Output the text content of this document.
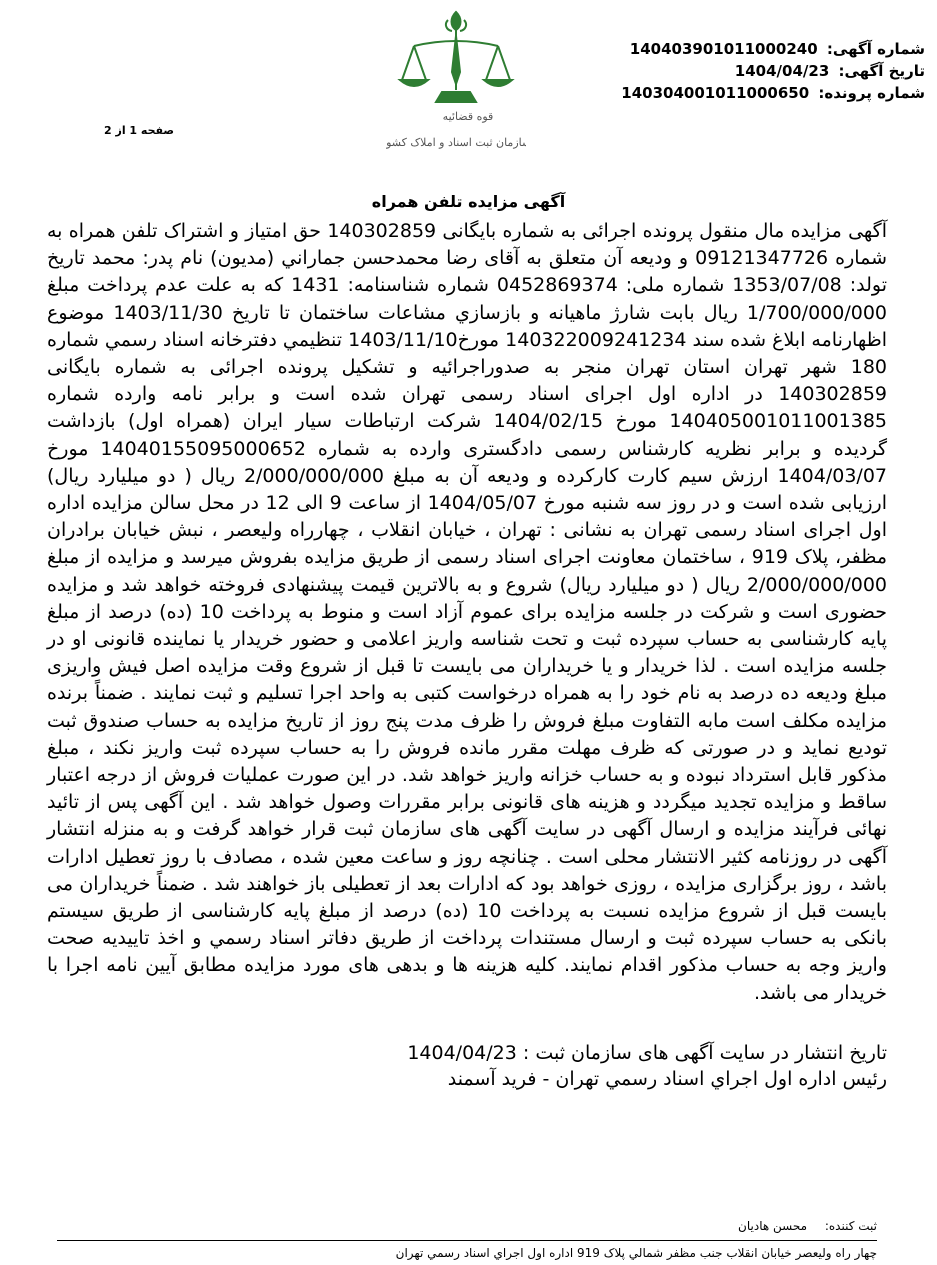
شماره آگهی: 14040390101100024‌0
تاریخ آگهی: 1404/04/23
شماره پرونده: 140304001011000650
صفحه 1 از 2
قوه قضائیه
سازمان ثبت اسناد و املاک کشور
آگهی مزایده تلفن همراه

آگهی مزایده مال منقول پرونده اجرائی به شماره بایگانی 140302859 حق امتیاز و اشتراک تلفن همراه به شماره 09121347726 و ودیعه آن متعلق به آقای رضا محمدحسن جماراني (مدیون) نام پدر: محمد تاریخ تولد: 1353/07/08 شماره ملی: 0452869374 شماره شناسنامه: 1431 که به علت عدم پرداخت مبلغ 1/700/000/000 ریال بابت شارژ ماهیانه و بازسازي مشاعات ساختمان تا تاریخ 1403/11/30 موضوع اظهارنامه ابلاغ شده سند 140322009241234 مورخ1403/11/10 تنظیمي دفترخانه اسناد رسمي شماره 180 شهر تهران استان تهران منجر به صدوراجرائیه و تشکیل پرونده اجرائی به شماره بایگانی 140302859 در اداره اول اجرای اسناد رسمی تهران شده است و برابر نامه وارده شماره 140405001011001385 مورخ 1404/02/15 شرکت ارتباطات سیار ایران (همراه اول) بازداشت گردیده و برابر نظریه کارشناس رسمی دادگستری وارده به شماره 14040155095000652 مورخ 1404/03/07 ارزش سیم کارت کارکرده و ودیعه آن به مبلغ 2/000/000/000 ریال ( دو میلیارد ریال) ارزیابی شده است و در روز سه شنبه مورخ 1404/05/07 از ساعت 9 الی 12 در محل سالن مزایده اداره اول اجرای اسناد رسمی تهران به نشانی : تهران ، خیابان انقلاب ، چهارراه ولیعصر ، نبش خیابان برادران مظفر، پلاک 919 ، ساختمان معاونت اجرای اسناد رسمی از طریق مزایده بفروش میرسد و مزایده از مبلغ 2/000/000/000 ریال ( دو میلیارد ریال) شروع و به بالاترین قیمت پیشنهادی فروخته خواهد شد و مزایده حضوری است و شرکت در جلسه مزایده برای عموم آزاد است و منوط به پرداخت 10 (ده) درصد از مبلغ پایه کارشناسی به حساب سپرده ثبت و تحت شناسه واریز اعلامی و حضور خریدار یا نماینده قانونی او در جلسه مزایده است . لذا خریدار و یا خریداران می بایست تا قبل از شروع وقت مزایده اصل فیش واریزی مبلغ ودیعه ده درصد به نام خود را به همراه درخواست کتبی به واحد اجرا تسلیم و ثبت نمایند . ضمناً برنده مزایده مکلف است مابه التفاوت مبلغ فروش را ظرف مدت پنج روز از تاریخ مزایده به حساب صندوق ثبت تودیع نماید و در صورتی که ظرف مهلت مقرر مانده فروش را به حساب سپرده ثبت واریز نکند ، مبلغ مذکور قابل استرداد نبوده و به حساب خزانه واریز خواهد شد. در این صورت عملیات فروش از درجه اعتبار ساقط و مزایده تجدید میگردد و هزینه های قانونی برابر مقررات وصول خواهد شد . این آگهی پس از تائید نهائی فرآیند مزایده و ارسال آگهی در سایت آگهی های سازمان ثبت قرار خواهد گرفت و به منزله انتشار آگهی در روزنامه کثیر الانتشار محلی است . چنانچه روز و ساعت معین شده ، مصادف با روز تعطیل ادارات باشد ، روز برگزاری مزایده ، روزی خواهد بود که ادارات بعد از تعطیلی باز خواهند شد . ضمناً خریداران می بایست قبل از شروع مزایده نسبت به پرداخت 10 (ده) درصد از مبلغ پایه کارشناسی از طریق سیستم بانکی به حساب سپرده ثبت و ارسال مستندات پرداخت از طریق دفاتر اسناد رسمي و اخذ تاییدیه صحت واریز وجه به حساب مذکور اقدام نمایند. کلیه هزینه ها و بدهی های مورد مزایده مطابق آیین نامه اجرا با خریدار می باشد.

تاریخ انتشار در سایت آگهی های سازمان ثبت : 1404/04/23
رئیس اداره اول اجراي اسناد رسمي تهران - فرید آسمند
ثبت کننده: محسن هادیان
چهار راه ولیعصر خیابان انقلاب جنب مظفر شمالي پلاک 919 اداره اول اجراي اسناد رسمي تهران
